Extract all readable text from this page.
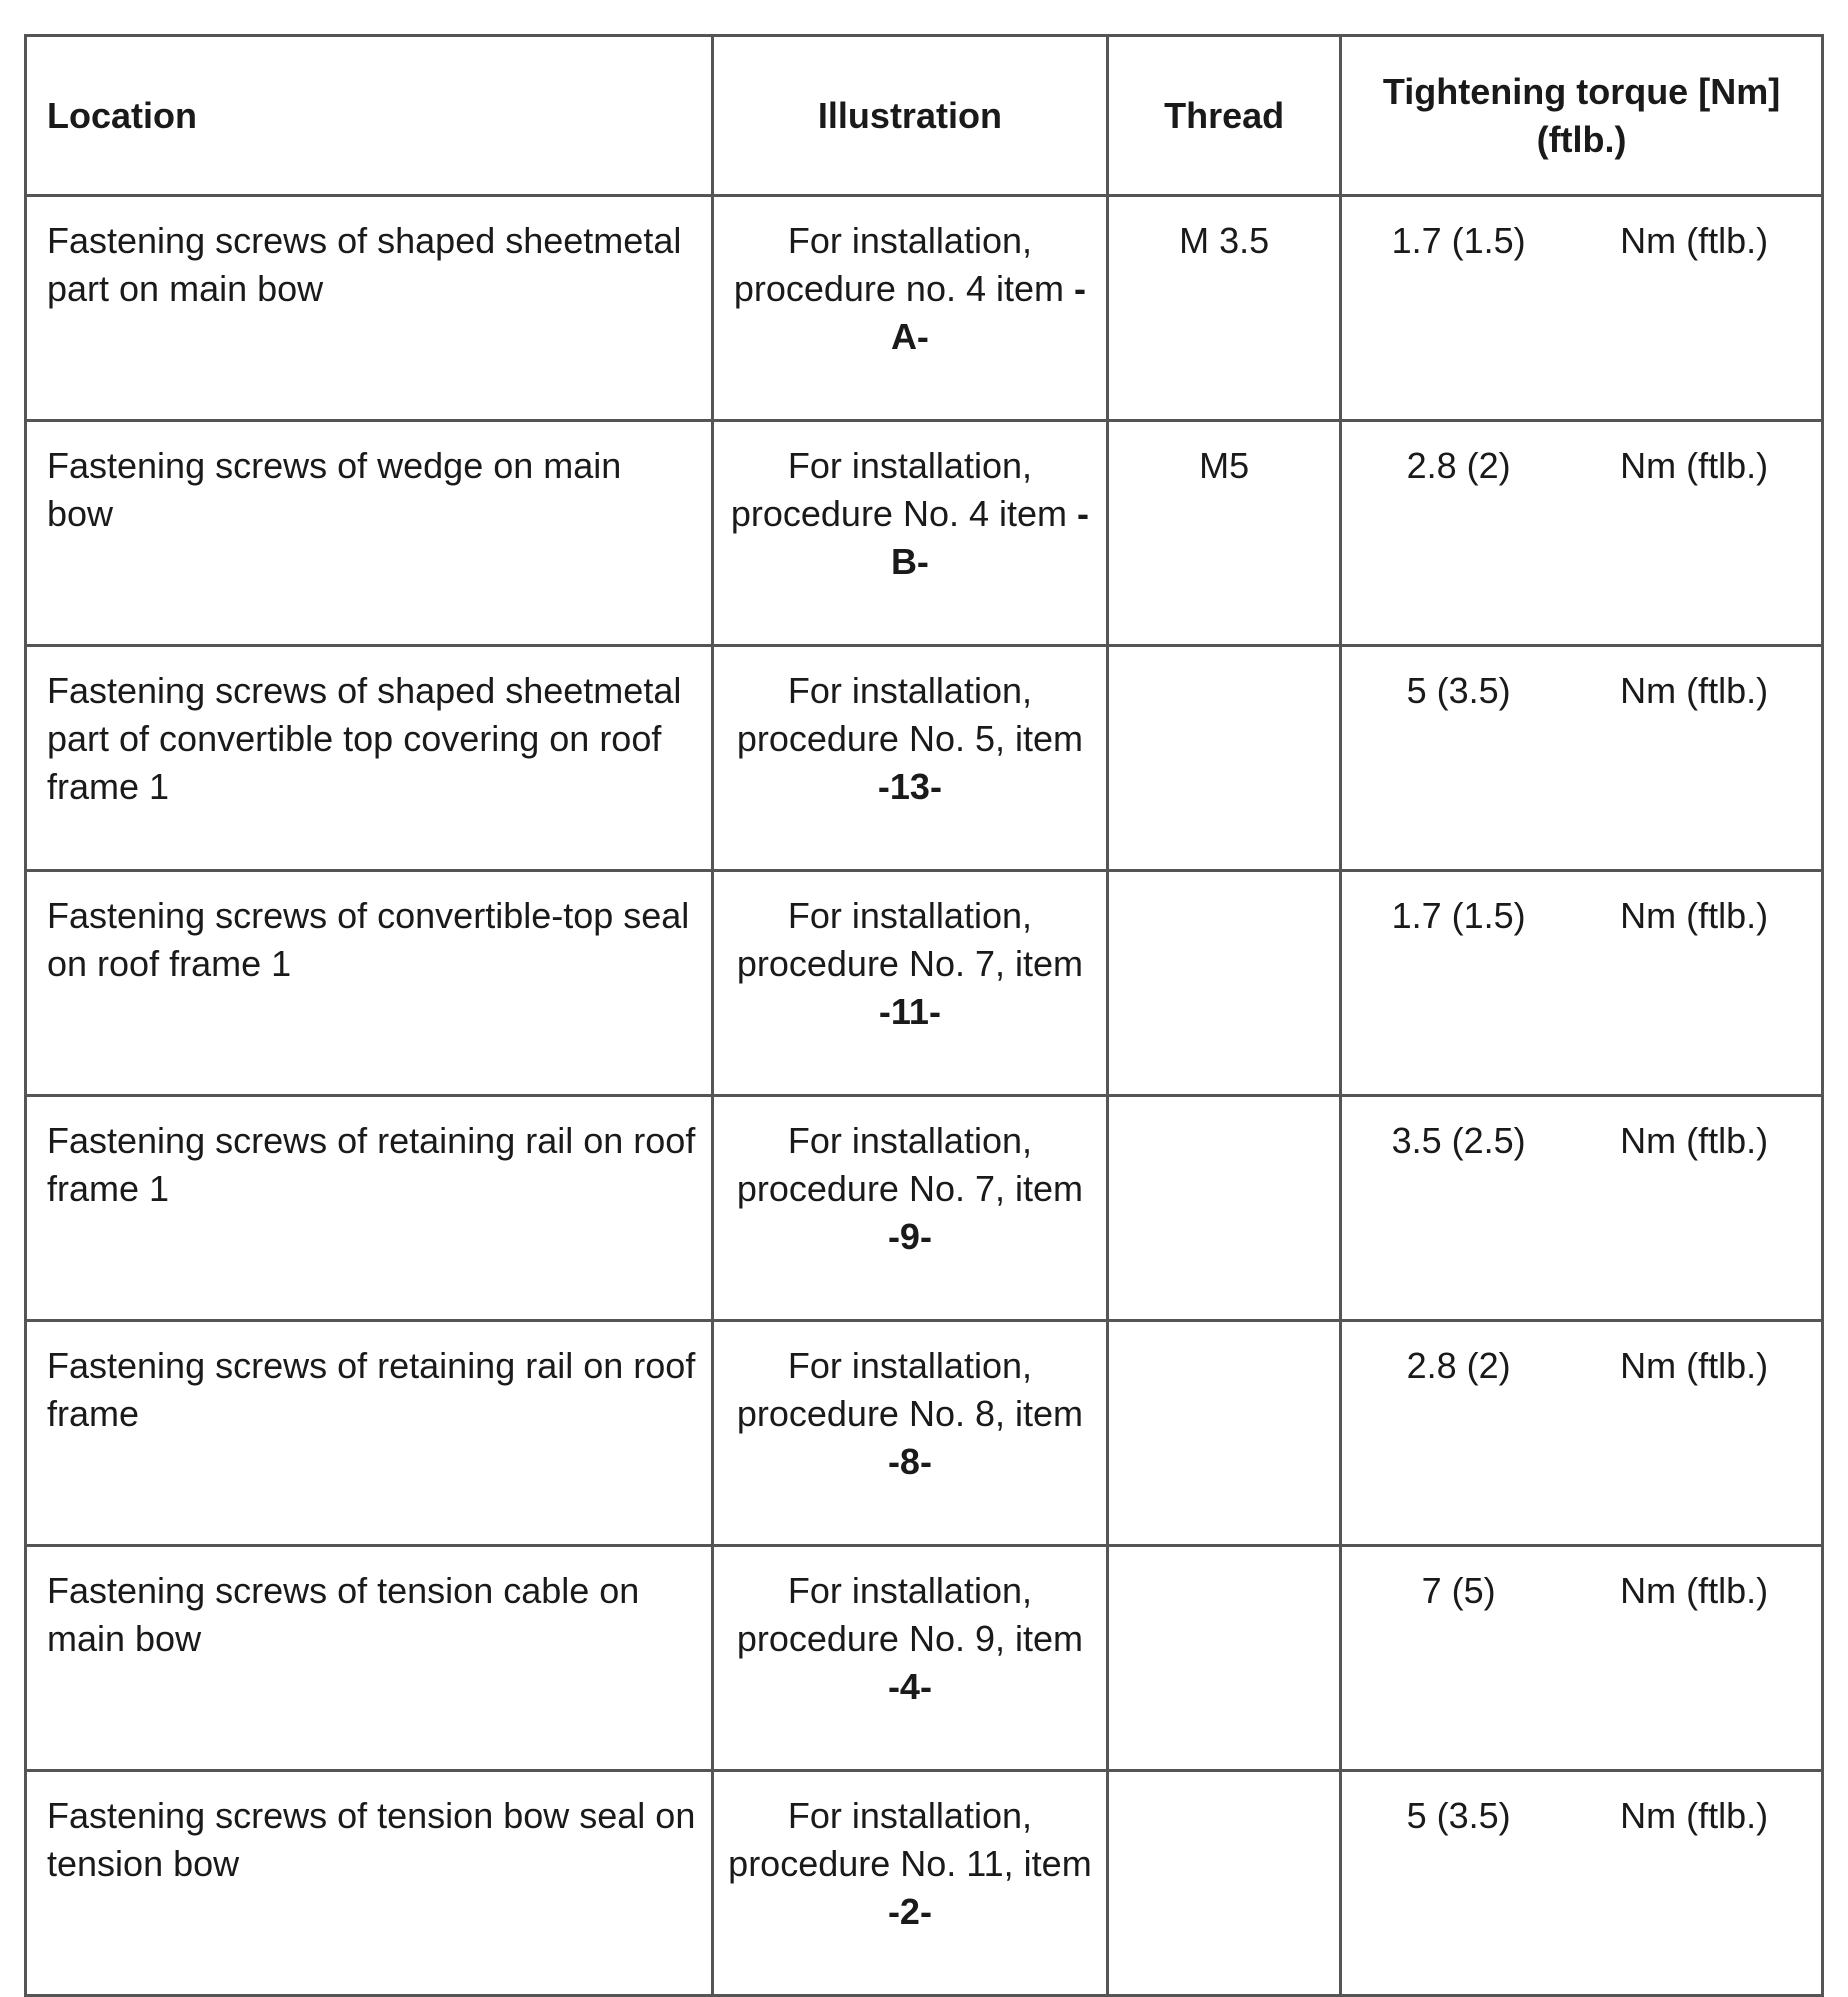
Location	Illustration	Thread	Tightening torque [Nm]
(ftlb.)

Fastening screws of shaped sheetmetal part on main bow	For installation, procedure no. 4 item -A-	M 3.5	1.7 (1.5) Nm (ftlb.)

Fastening screws of wedge on main bow	For installation, procedure No. 4 item -B-	M5	2.8 (2) Nm (ftlb.)

Fastening screws of shaped sheetmetal part of convertible top covering on roof frame 1	For installation, procedure No. 5, item -13-		5 (3.5) Nm (ftlb.)

Fastening screws of convertible-top seal on roof frame 1	For installation, procedure No. 7, item -11-		1.7 (1.5) Nm (ftlb.)

Fastening screws of retaining rail on roof frame 1	For installation, procedure No. 7, item -9-		3.5 (2.5) Nm (ftlb.)

Fastening screws of retaining rail on roof frame	For installation, procedure No. 8, item -8-		2.8 (2) Nm (ftlb.)

Fastening screws of tension cable on main bow	For installation, procedure No. 9, item -4-		7 (5) Nm (ftlb.)

Fastening screws of tension bow seal on tension bow	For installation, procedure No. 11, item -2-		5 (3.5) Nm (ftlb.)
